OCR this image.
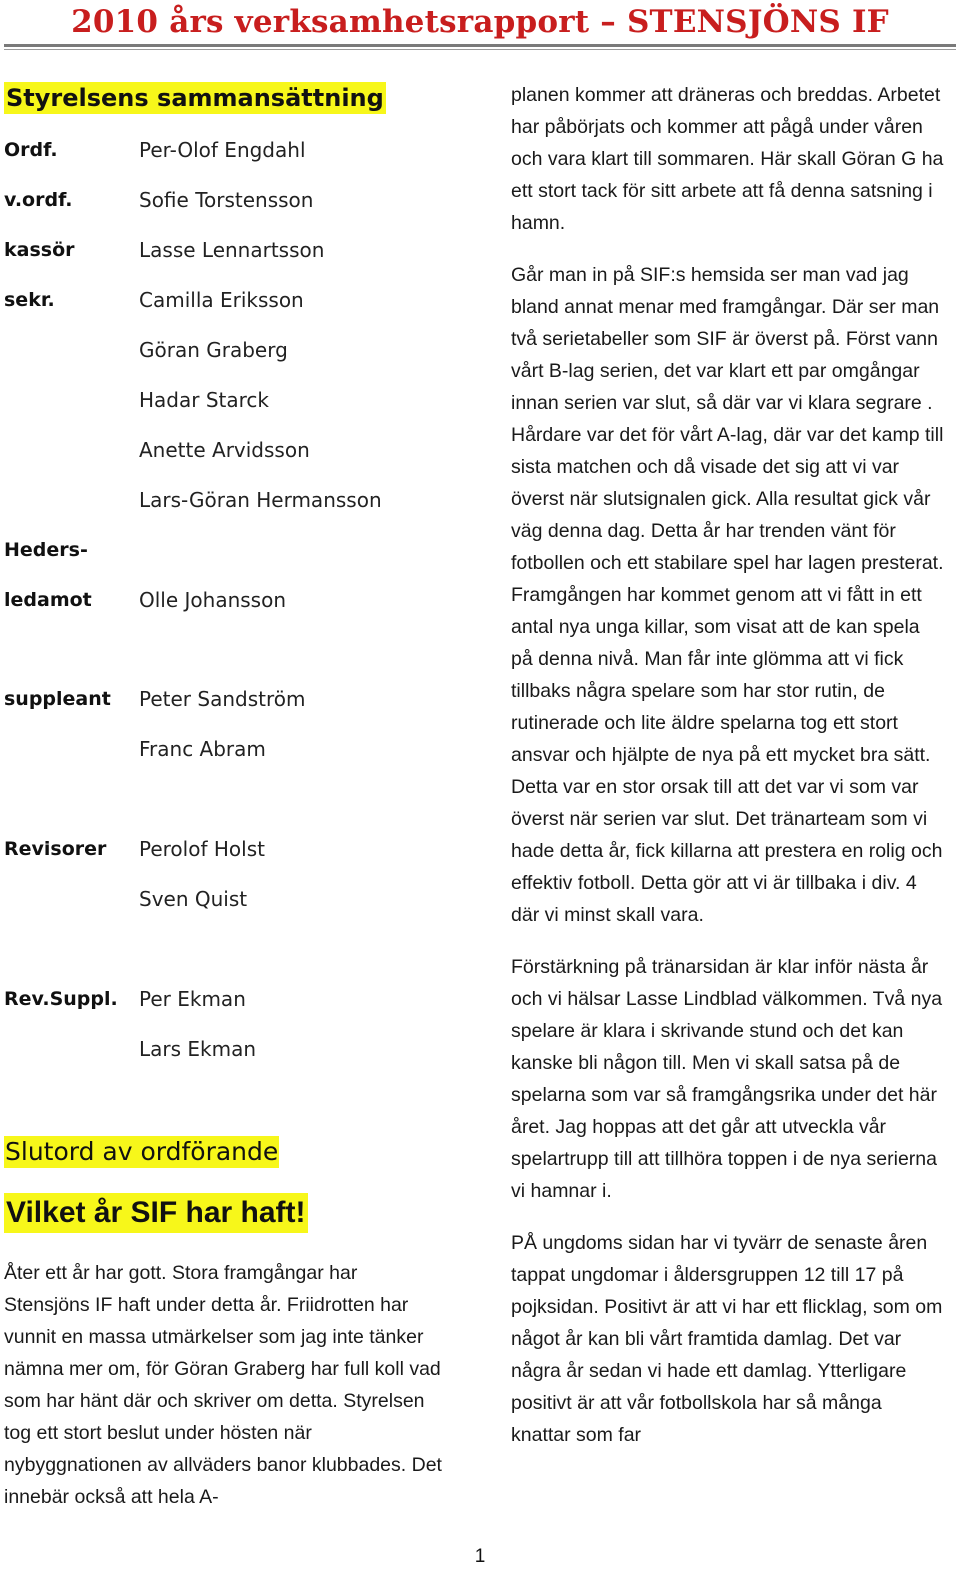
2010 års verksamhetsrapport – STENSJÖNS IF
Styrelsens sammansättning
Ordf.
v.ordf.
kassör
sekr.
Heders-
ledamot
suppleant
Revisorer
Rev.Suppl.
Per-Olof Engdahl
Sofie Torstensson
Lasse Lennartsson
Camilla Eriksson
Göran Graberg
Hadar Starck
Anette Arvidsson
Lars-Göran Hermansson
Olle Johansson
Peter Sandström
Franc Abram
Perolof Holst
Sven Quist
Per Ekman
Lars Ekman
Slutord av ordförande
Vilket år SIF har haft!

Åter ett år har gott. Stora framgångar har Stensjöns IF haft under detta år. Friidrotten har vunnit en massa utmärkelser som jag inte tänker nämna mer om, för Göran Graberg har full koll vad som har hänt där och skriver om detta. Styrelsen tog ett stort beslut under hösten när nybyggnationen av allväders banor klubbades. Det innebär också att hela A-

planen kommer att dräneras och breddas. Arbetet har påbörjats och kommer att pågå under våren och vara klart till sommaren. Här skall Göran G ha ett stort tack för sitt arbete att få denna satsning i hamn.

Går man in på SIF:s hemsida ser man vad jag bland annat menar med framgångar. Där ser man två serietabeller som SIF är överst på. Först vann vårt B-lag serien, det var klart ett par omgångar innan serien var slut, så där var vi klara segrare . Hårdare var det för vårt A-lag, där var det kamp till sista matchen och då visade det sig att vi var överst när slutsignalen gick. Alla resultat gick vår väg denna dag. Detta år har trenden vänt för fotbollen och ett stabilare spel har lagen presterat. Framgången har kommet genom att vi fått in ett antal nya unga killar, som visat att de kan spela på denna nivå. Man får inte glömma att vi fick tillbaks några spelare som har stor rutin, de rutinerade och lite äldre spelarna tog ett stort ansvar och hjälpte de nya på ett mycket bra sätt. Detta var en stor orsak till att det var vi som var överst när serien var slut. Det tränarteam som vi hade detta år, fick killarna att prestera en rolig och effektiv fotboll. Detta gör att vi är tillbaka i div. 4 där vi minst skall vara.

Förstärkning på tränarsidan är klar inför nästa år och vi hälsar Lasse Lindblad välkommen. Två nya spelare är klara i skrivande stund och det kan kanske bli någon till. Men vi skall satsa på de spelarna som var så framgångsrika under det här året. Jag hoppas att det går att utveckla vår spelartrupp till att tillhöra toppen i de nya serierna vi hamnar i.

PÅ ungdoms sidan har vi tyvärr de senaste åren tappat ungdomar i åldersgruppen 12 till 17 på pojksidan. Positivt är att vi har ett flicklag, som om något år kan bli vårt framtida damlag. Det var några år sedan vi hade ett damlag. Ytterligare positivt är att vår fotbollskola har så många knattar som far

1
